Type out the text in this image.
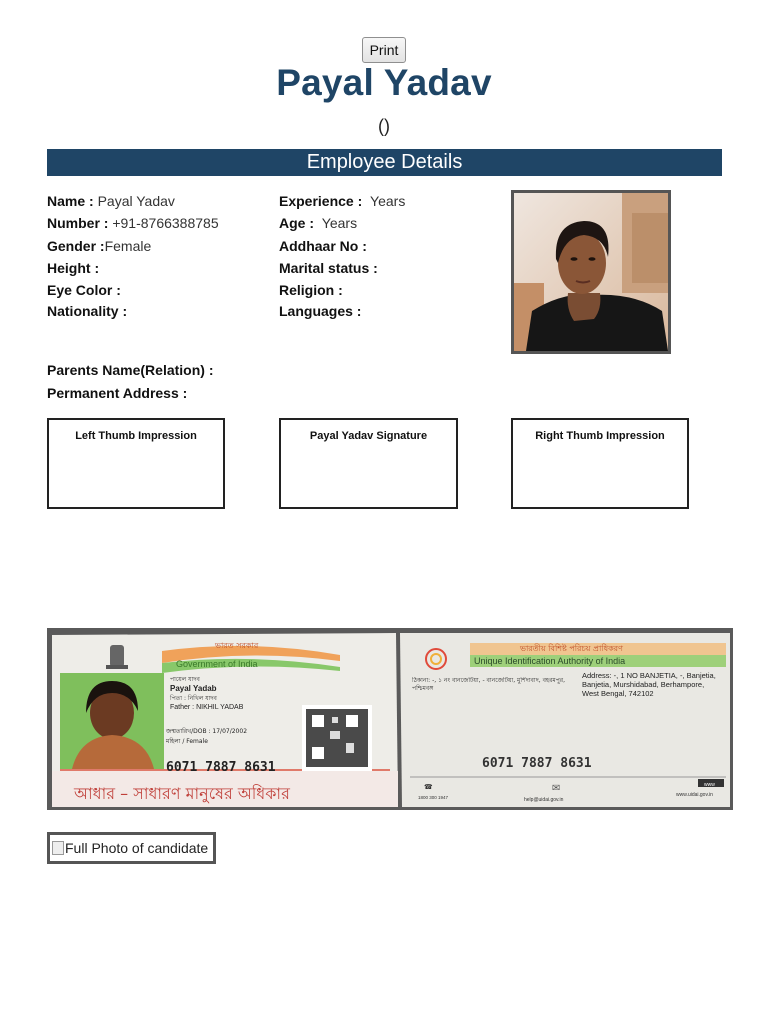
Print
Payal Yadav
()
Employee Details
Name : Payal Yadav
Number : +91-8766388785
Gender :Female
Height :
Eye Color :
Nationality :
Experience : Years
Age : Years
Addhaar No :
Marital status :
Religion :
Languages :
Parents Name(Relation) :
Permanent Address :
Left Thumb Impression	Payal Yadav Signature	Right Thumb Impression
ভারত সরকার
Government of India
পায়েল যাদব
Payal Yadab
পিতা : নিখিল যাদব
Father : NIKHIL YADAB
জন্মতারিখ/DOB : 17/07/2002
মহিলা / Female
6071 7887 8631
আধার – সাধারণ মানুষের অধিকার
ভারতীয় বিশিষ্ট পরিচয় প্রাধিকরণ
Unique Identification Authority of India
ঠিকানা: -, ১ নং বানজেটিয়া, - বানজেটিয়া, মুর্শিদাবাদ, বহরমপুর, পশ্চিমবঙ্গ
Address: -, 1 NO BANJETIA, -, Banjetia, Banjetia, Murshidabad, Berhampore, West Bengal, 742102
6071 7887 8631
☎
1800 300 1947
✉
help@uidai.gov.in
www
www.uidai.gov.in
Full Photo of candidate
